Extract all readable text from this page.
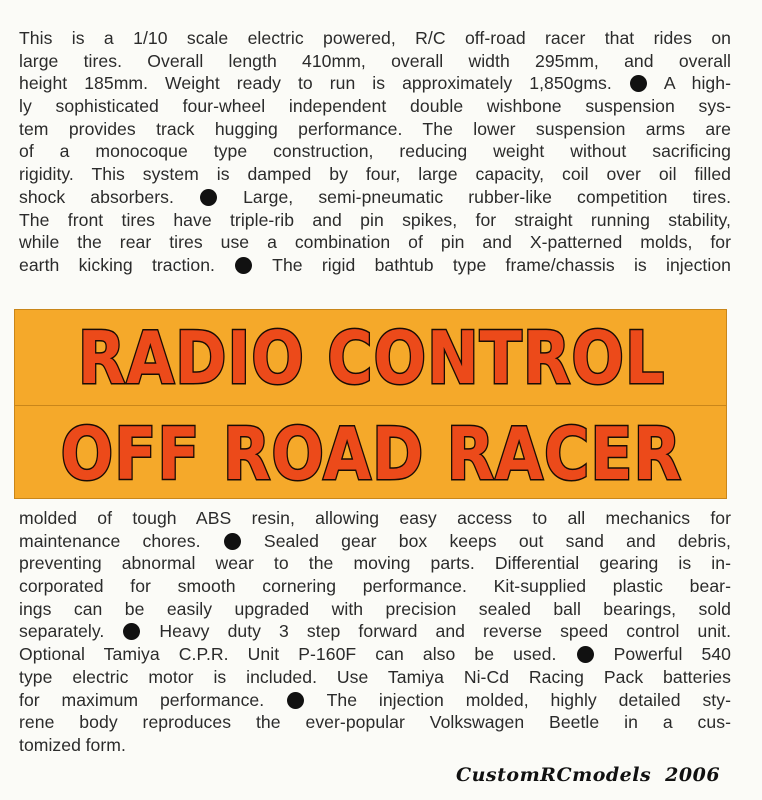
This is a 1/10 scale electric powered, R/C off-road racer that rides on
large tires. Overall length 410mm, overall width 295mm, and overall
height 185mm. Weight ready to run is approximately 1,850gms.	A high-
ly sophisticated four-wheel independent double wishbone suspension sys-
tem provides track hugging performance. The lower suspension arms are
of a monocoque type construction, reducing weight without sacrificing
rigidity. This system is damped by four, large capacity, coil over oil filled
shock absorbers.	Large, semi-pneumatic rubber-like competition tires.
The front tires have triple-rib and pin spikes, for straight running stability,
while the rear tires use a combination of pin and X-patterned molds, for
earth kicking traction.	The rigid bathtub type frame/chassis is injection
RADIO CONTROL
OFF ROAD RACER
molded of tough ABS resin, allowing easy access to all mechanics for
maintenance chores.	Sealed gear box keeps out sand and debris,
preventing abnormal wear to the moving parts. Differential gearing is in-
corporated for smooth cornering performance. Kit-supplied plastic bear-
ings can be easily upgraded with precision sealed ball bearings, sold
separately.	Heavy duty 3 step forward and reverse speed control unit.
Optional Tamiya C.P.R. Unit P-160F can also be used.	Powerful 540
type electric motor is included. Use Tamiya Ni-Cd Racing Pack batteries
for maximum performance.	The injection molded, highly detailed sty-
rene body reproduces the ever-popular Volkswagen Beetle in a cus-
tomized form.
CustomRCmodels 2006
